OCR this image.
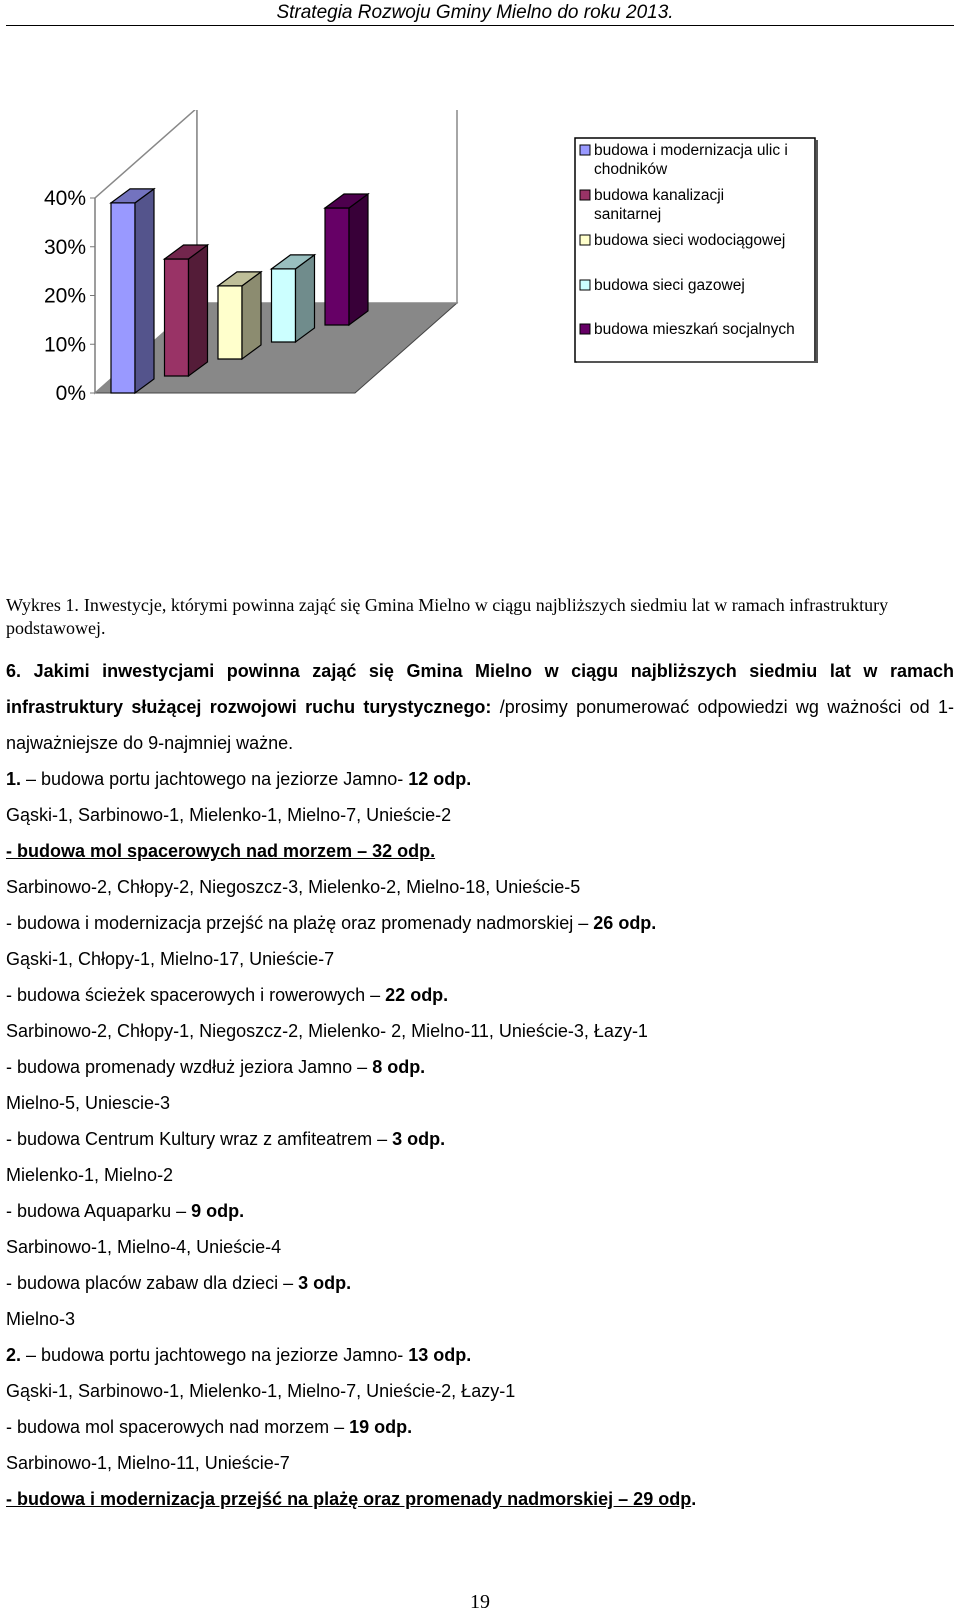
Strategia Rozwoju Gminy Mielno do roku 2013.
40%
30%
20%
10%
0%
budowa i modernizacja ulic i chodników
budowa kanalizacji sanitarnej
budowa sieci wodociągowej
budowa sieci gazowej
budowa mieszkań socjalnych
Wykres 1. Inwestycje, którymi powinna zająć się Gmina Mielno w ciągu najbliższych siedmiu lat w ramach infrastruktury podstawowej.
6. Jakimi inwestycjami powinna zająć się Gmina Mielno w ciągu najbliższych siedmiu lat w ramach infrastruktury służącej rozwojowi ruchu turystycznego: /prosimy ponumerować odpowiedzi wg ważności od 1- najważniejsze do 9-najmniej ważne.
1. – budowa portu jachtowego na jeziorze Jamno- 12 odp.
Gąski-1, Sarbinowo-1, Mielenko-1, Mielno-7, Unieście-2
- budowa mol spacerowych nad morzem – 32 odp.
Sarbinowo-2, Chłopy-2, Niegoszcz-3, Mielenko-2, Mielno-18, Unieście-5
- budowa i modernizacja przejść na plażę oraz promenady nadmorskiej – 26 odp.
Gąski-1, Chłopy-1, Mielno-17, Unieście-7
- budowa ścieżek spacerowych i rowerowych – 22 odp.
Sarbinowo-2, Chłopy-1, Niegoszcz-2, Mielenko- 2, Mielno-11, Unieście-3, Łazy-1
- budowa promenady wzdłuż jeziora Jamno – 8 odp.
Mielno-5, Uniescie-3
- budowa Centrum Kultury wraz z amfiteatrem – 3 odp.
Mielenko-1, Mielno-2
- budowa Aquaparku – 9 odp.
Sarbinowo-1, Mielno-4, Unieście-4
- budowa placów zabaw dla dzieci – 3 odp.
Mielno-3
2. – budowa portu jachtowego na jeziorze Jamno- 13 odp.
Gąski-1, Sarbinowo-1, Mielenko-1, Mielno-7, Unieście-2, Łazy-1
- budowa mol spacerowych nad morzem – 19 odp.
Sarbinowo-1, Mielno-11, Unieście-7
- budowa i modernizacja przejść na plażę oraz promenady nadmorskiej – 29 odp.
19
